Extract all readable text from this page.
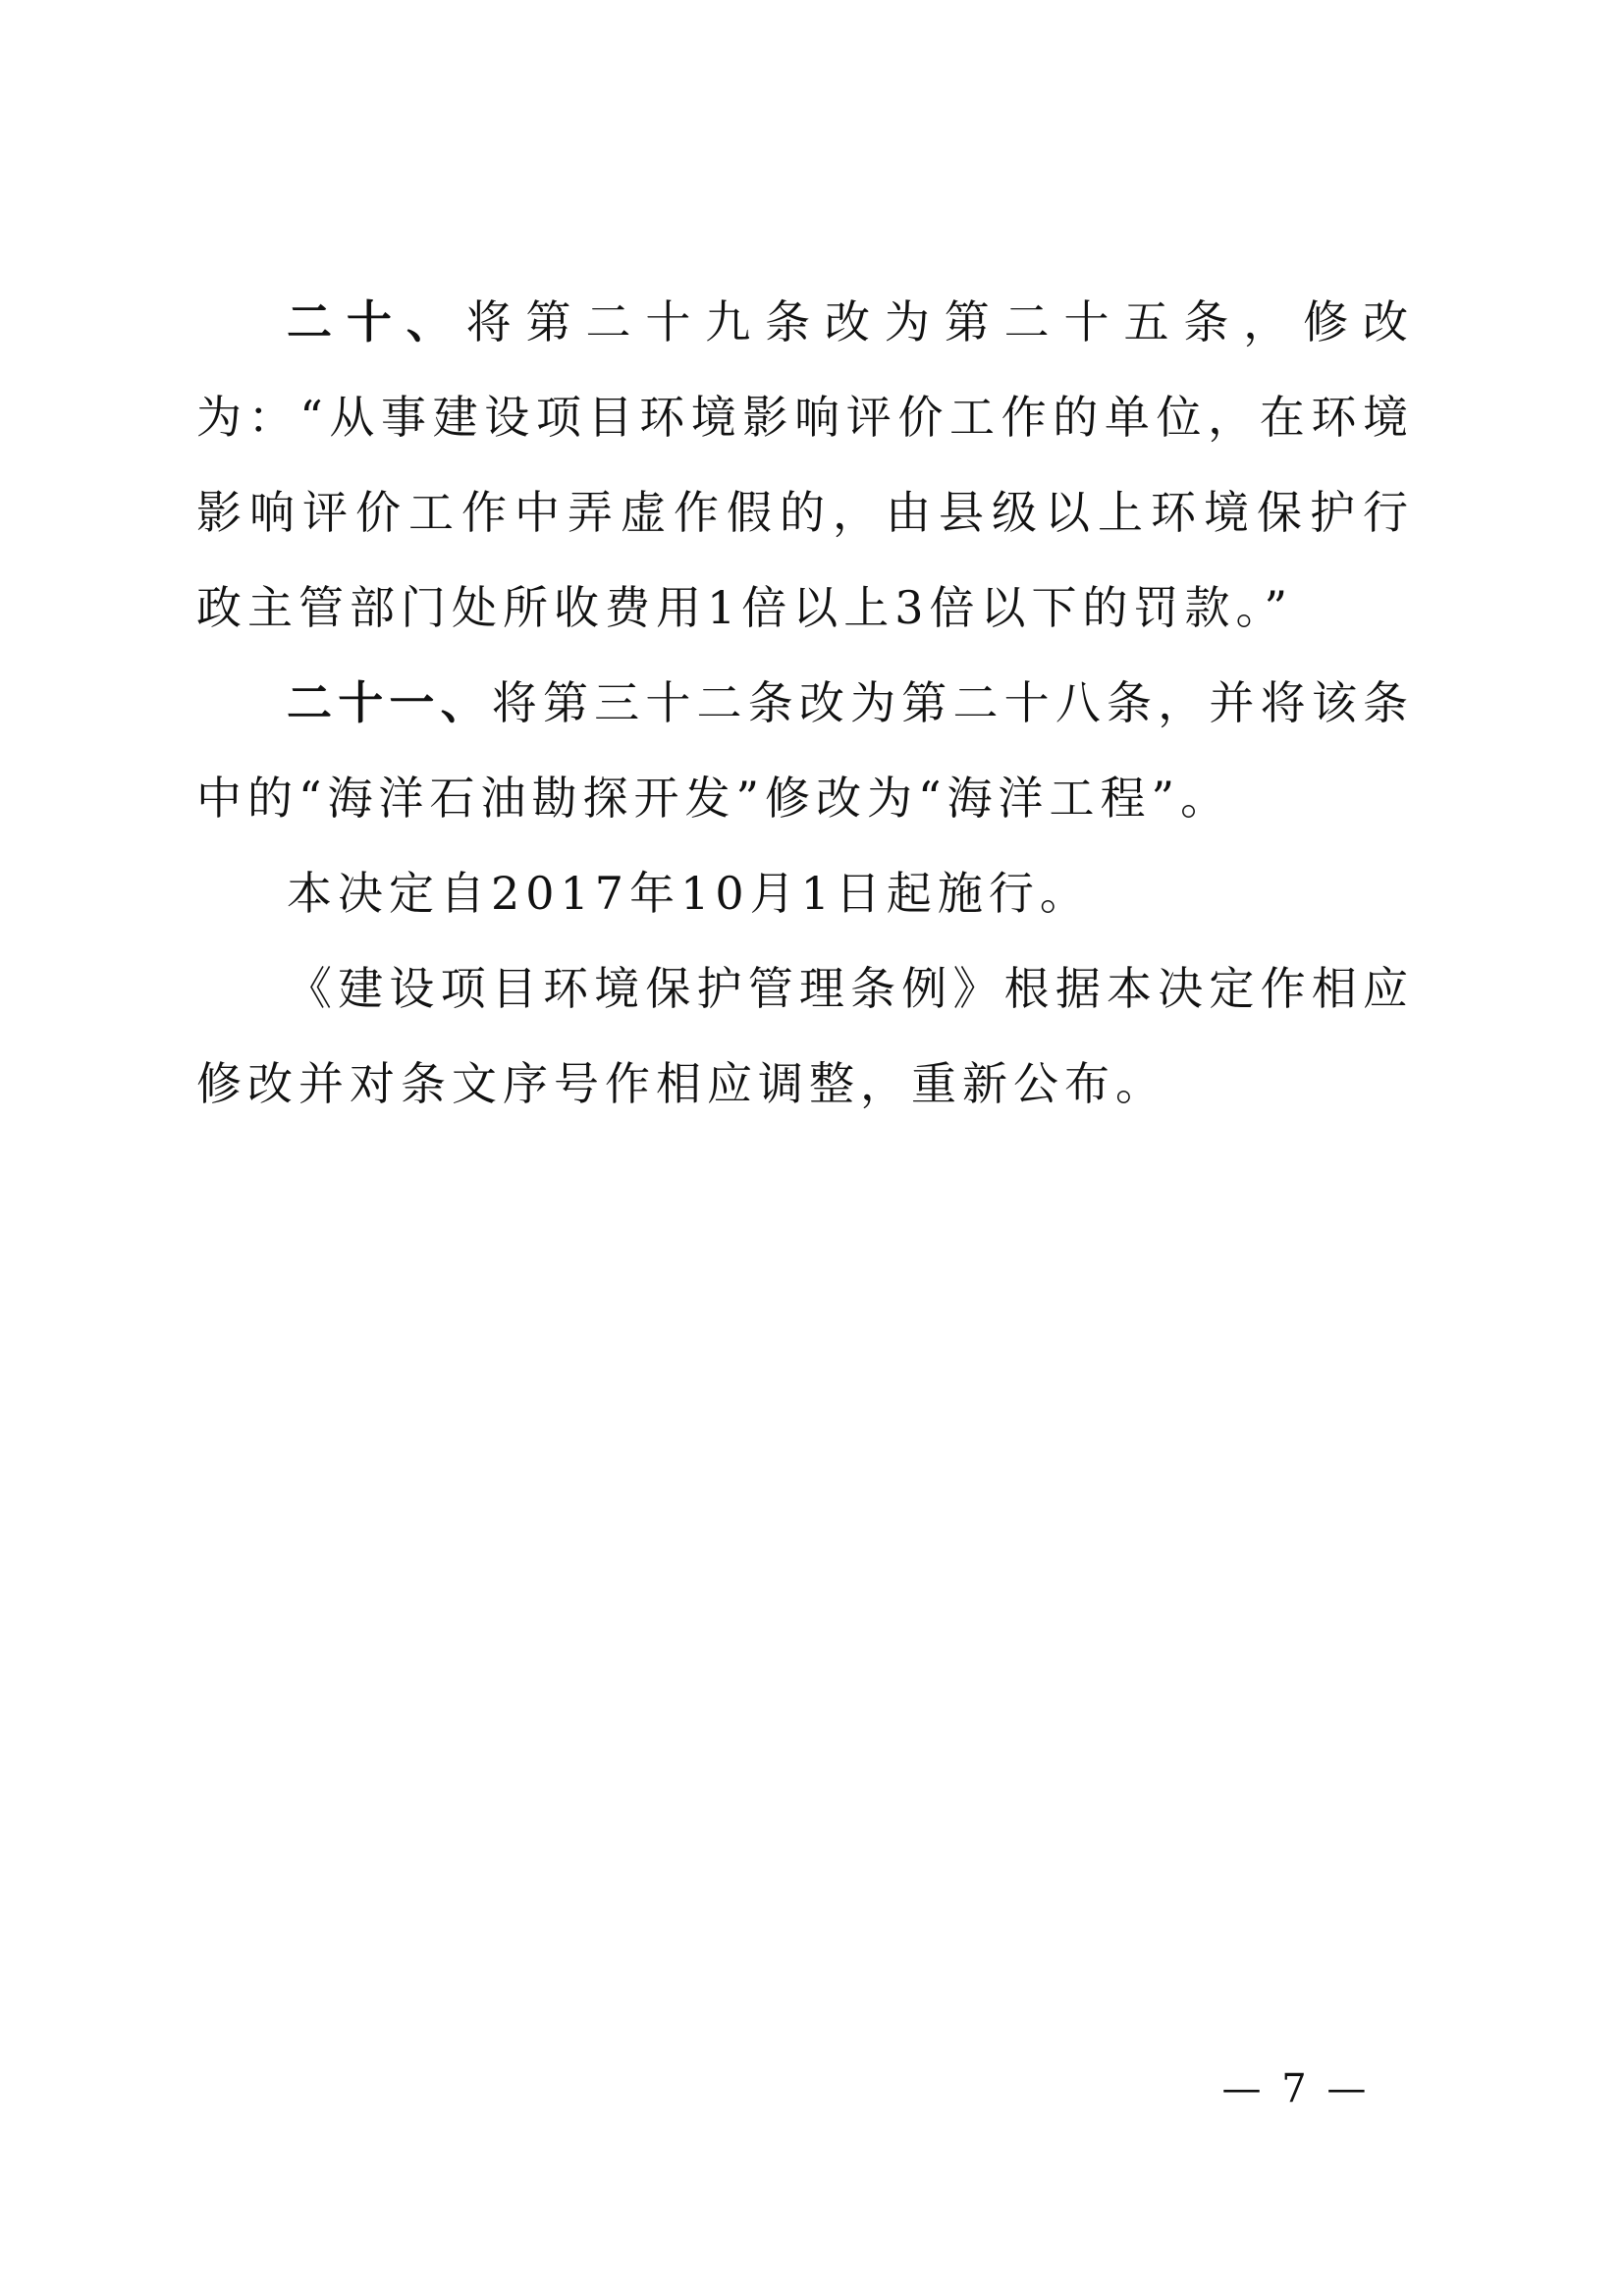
二十、将第二十九条改为第二十五条，修改为：“从事建设项目环境影响评价工作的单位，在环境影响评价工作中弄虚作假的，由县级以上环境保护行政主管部门处所收费用1倍以上3倍以下的罚款。”

二十一、将第三十二条改为第二十八条，并将该条中的“海洋石油勘探开发”修改为“海洋工程”。

本决定自2017年10月1日起施行。

《建设项目环境保护管理条例》根据本决定作相应修改并对条文序号作相应调整，重新公布。

— 7 —
